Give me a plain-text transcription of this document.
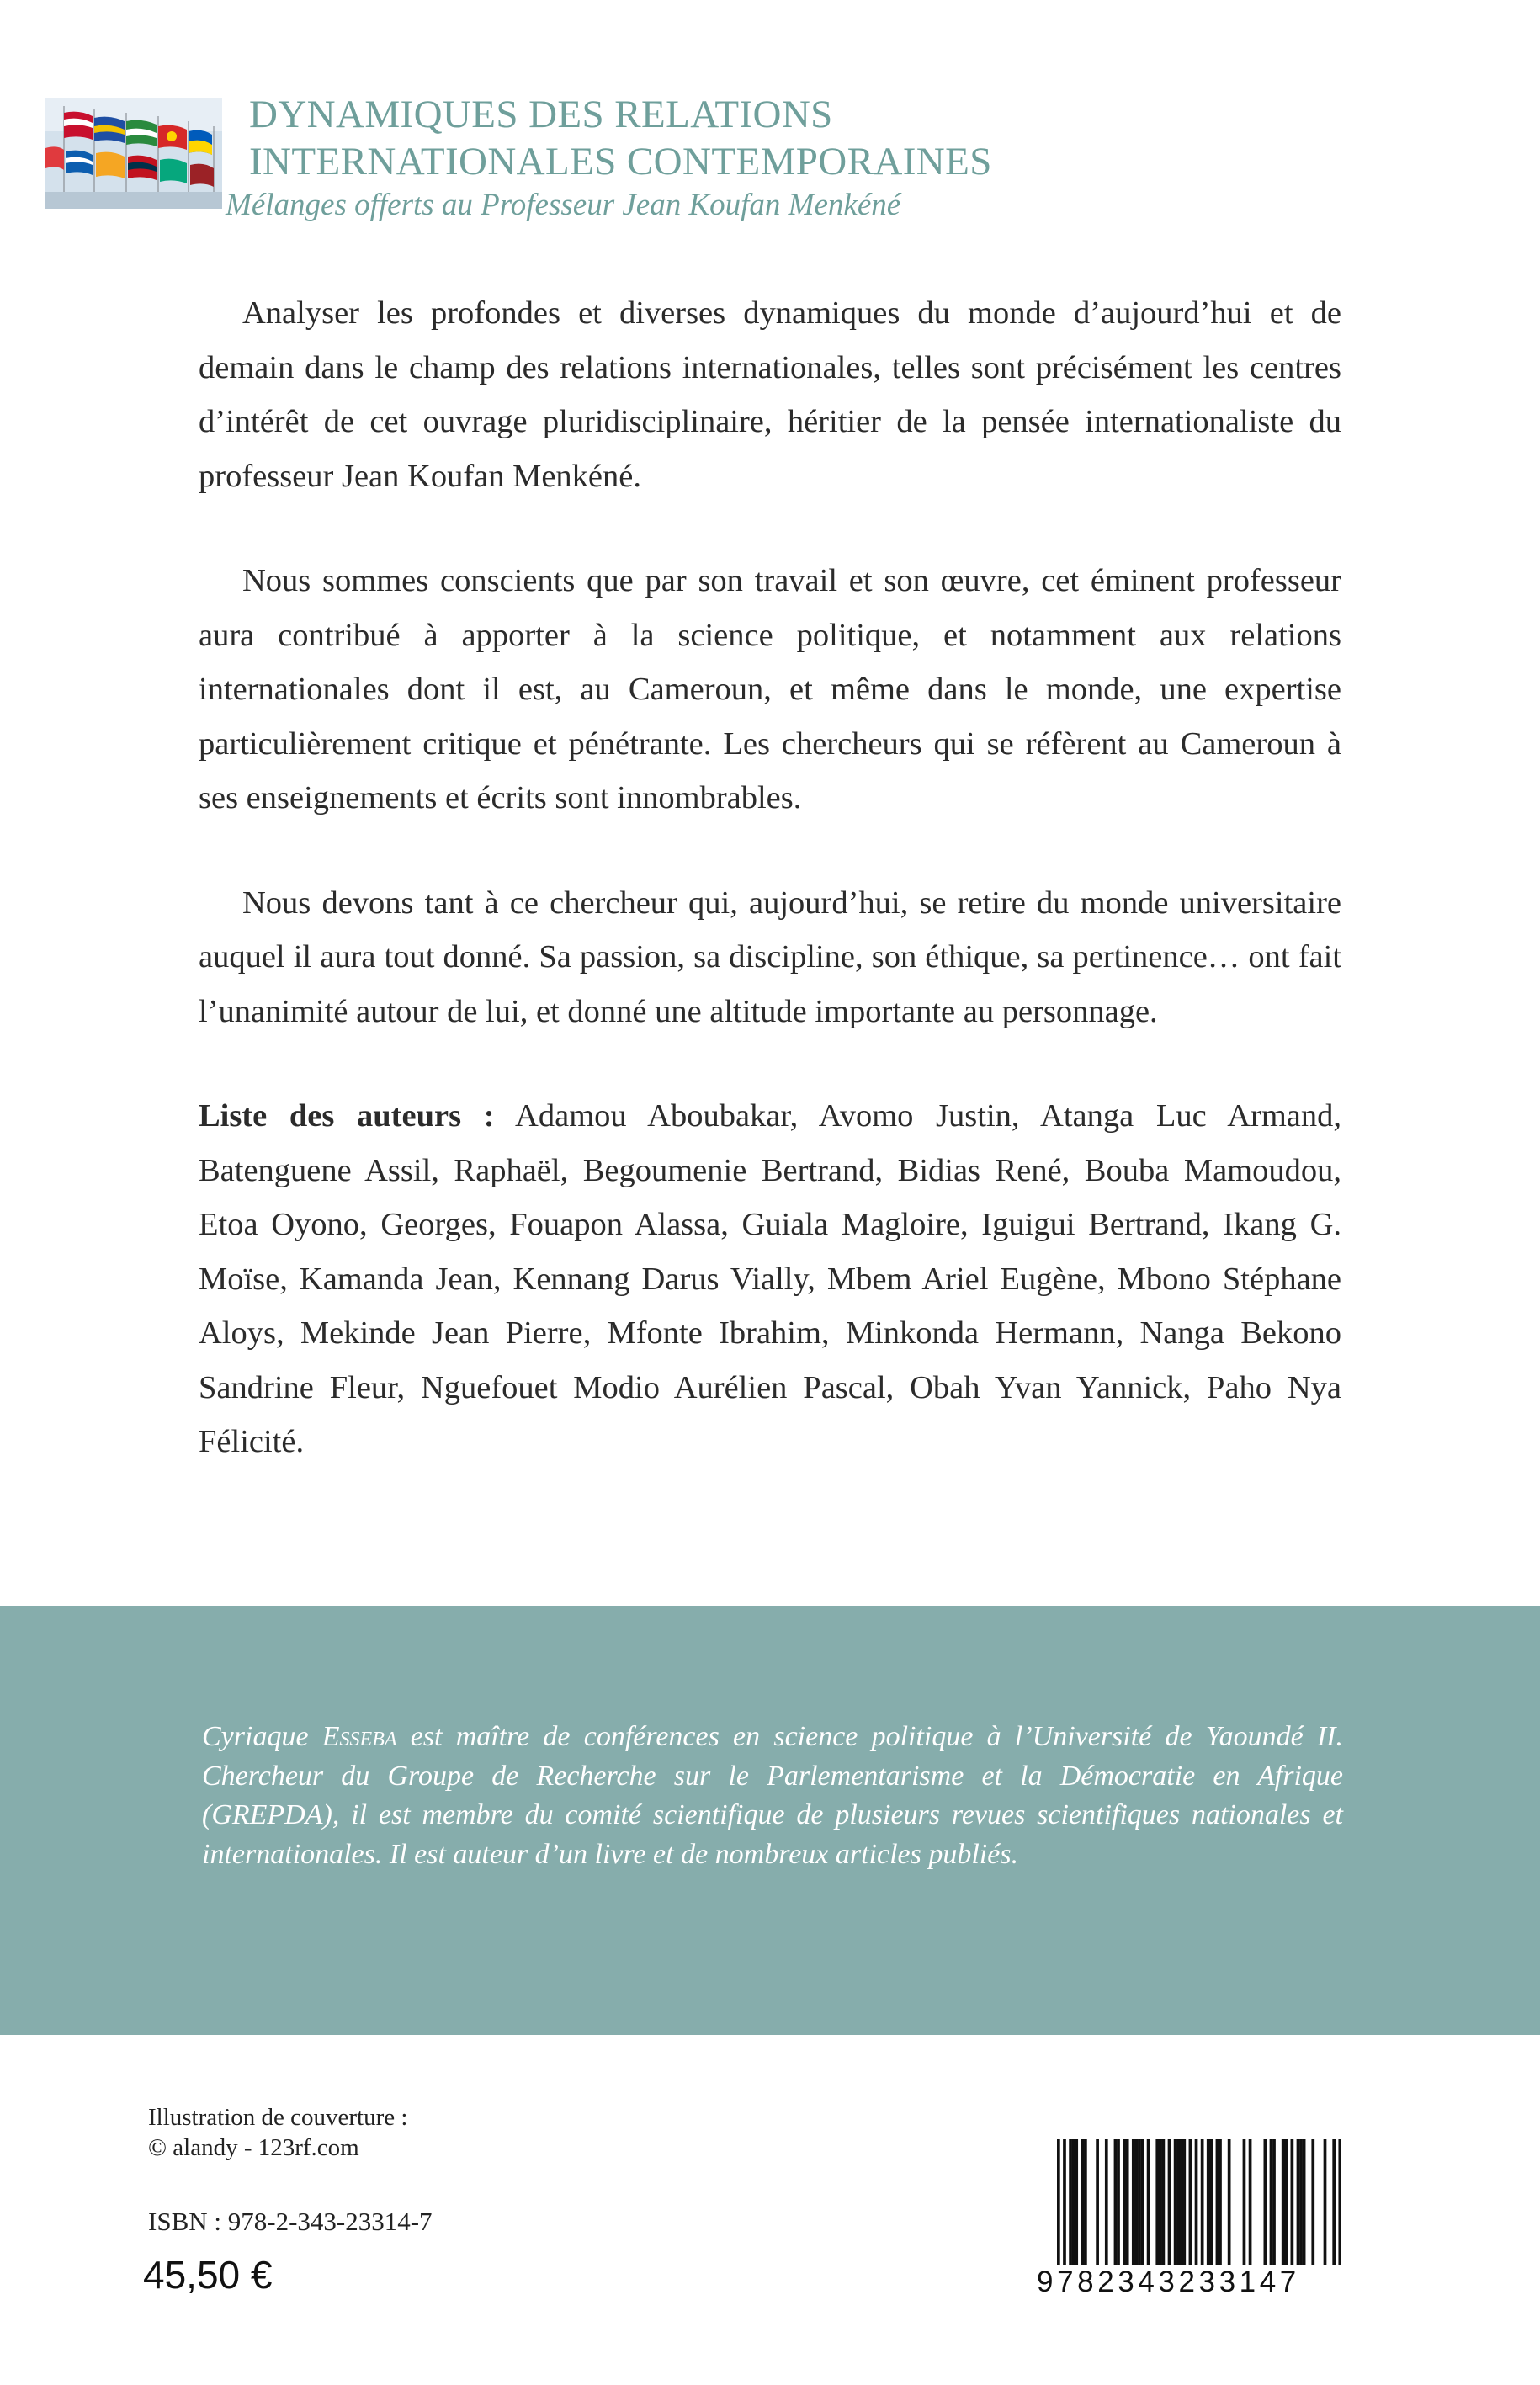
DYNAMIQUES DES RELATIONS
INTERNATIONALES CONTEMPORAINES
Mélanges offerts au Professeur Jean Koufan Menkéné

Analyser les profondes et diverses dynamiques du monde d’aujourd’hui et de demain dans le champ des relations internationales, telles sont précisément les centres d’intérêt de cet ouvrage pluridisciplinaire, héritier de la pensée internationaliste du professeur Jean Koufan Menkéné.

Nous sommes conscients que par son travail et son œuvre, cet éminent professeur aura contribué à apporter à la science politique, et notamment aux relations internationales dont il est, au Cameroun, et même dans le monde, une expertise particulièrement critique et pénétrante. Les chercheurs qui se réfèrent au Cameroun à ses enseignements et écrits sont innombrables.

Nous devons tant à ce chercheur qui, aujourd’hui, se retire du monde universitaire auquel il aura tout donné. Sa passion, sa discipline, son éthique, sa pertinence… ont fait l’unanimité autour de lui, et donné une altitude importante au personnage.

Liste des auteurs : Adamou Aboubakar, Avomo Justin, Atanga Luc Armand, Batenguene Assil, Raphaël, Begoumenie Bertrand, Bidias René, Bouba Mamoudou, Etoa Oyono, Georges, Fouapon Alassa, Guiala Magloire, Iguigui Bertrand, Ikang G. Moïse, Kamanda Jean, Kennang Darus Vially, Mbem Ariel Eugène, Mbono Stéphane Aloys, Mekinde Jean Pierre, Mfonte Ibrahim, Minkonda Hermann, Nanga Bekono Sandrine Fleur, Nguefouet Modio Aurélien Pascal, Obah Yvan Yannick, Paho Nya Félicité.

Cyriaque Esseba est maître de conférences en science politique à l’Université de Yaoundé II. Chercheur du Groupe de Recherche sur le Parlementarisme et la Démocratie en Afrique (GREPDA), il est membre du comité scientifique de plusieurs revues scientifiques nationales et internationales. Il est auteur d’un livre et de nombreux articles publiés.

Illustration de couverture :
© alandy - 123rf.com
ISBN : 978-2-343-23314-7
45,50 €	9782343233147
